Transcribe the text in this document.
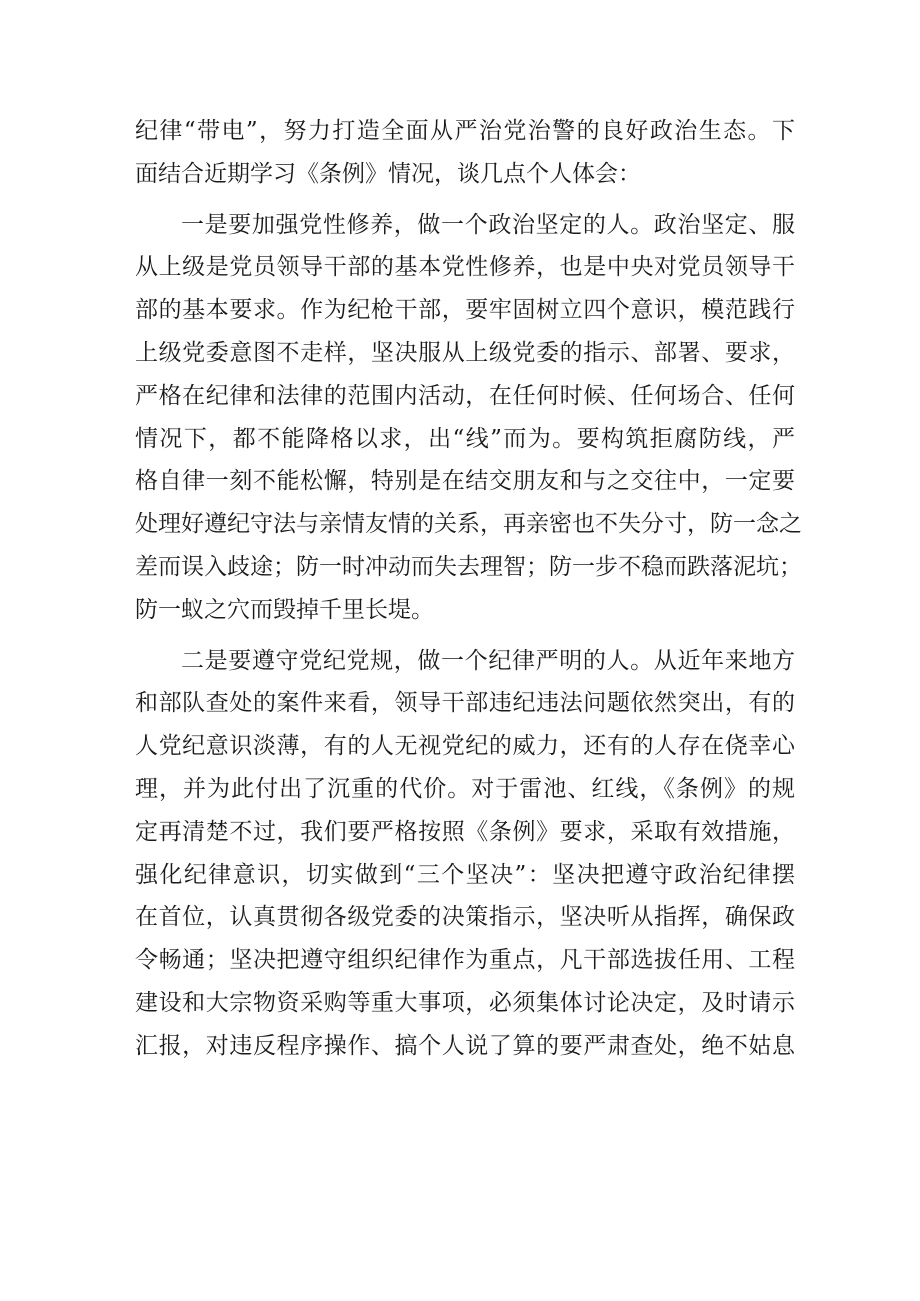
纪律“带电”，努力打造全面从严治党治警的良好政治生态。下
面结合近期学习《条例》情况，谈几点个人体会：
一是要加强党性修养，做一个政治坚定的人。政治坚定、服
从上级是党员领导干部的基本党性修养，也是中央对党员领导干
部的基本要求。作为纪枪干部，要牢固树立四个意识，模范践行
上级党委意图不走样，坚决服从上级党委的指示、部署、要求，
严格在纪律和法律的范围内活动，在任何时候、任何场合、任何
情况下，都不能降格以求，出“线”而为。要构筑拒腐防线，严
格自律一刻不能松懈，特别是在结交朋友和与之交往中，一定要
处理好遵纪守法与亲情友情的关系，再亲密也不失分寸，防一念之
差而误入歧途；防一时冲动而失去理智；防一步不稳而跌落泥坑；
防一蚁之穴而毁掉千里长堤。
二是要遵守党纪党规，做一个纪律严明的人。从近年来地方
和部队查处的案件来看，领导干部违纪违法问题依然突出，有的
人党纪意识淡薄，有的人无视党纪的威力，还有的人存在侥幸心
理，并为此付出了沉重的代价。对于雷池、红线，《条例》的规
定再清楚不过，我们要严格按照《条例》要求，采取有效措施，
强化纪律意识，切实做到“三个坚决”：坚决把遵守政治纪律摆
在首位，认真贯彻各级党委的决策指示，坚决听从指挥，确保政
令畅通；坚决把遵守组织纪律作为重点，凡干部选拔任用、工程
建设和大宗物资采购等重大事项，必须集体讨论决定，及时请示
汇报，对违反程序操作、搞个人说了算的要严肃查处，绝不姑息
